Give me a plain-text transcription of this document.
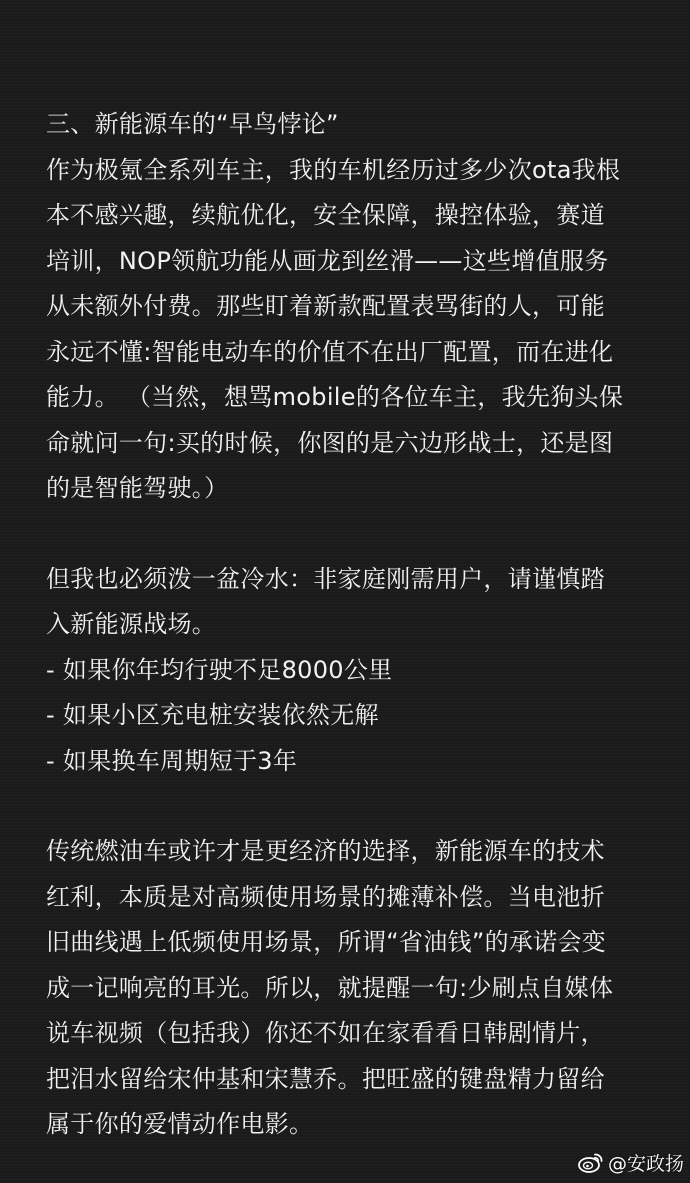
三、新能源车的“早鸟悖论”

作为极氪全系列车主，我的车机经历过多少次ota我根
本不感兴趣，续航优化，安全保障，操控体验，赛道
培训，NOP领航功能从画龙到丝滑——这些增值服务
从未额外付费。那些盯着新款配置表骂街的人，可能
永远不懂:智能电动车的价值不在出厂配置，而在进化
能力。 （当然，想骂mobile的各位车主，我先狗头保
命就问一句:买的时候，你图的是六边形战士，还是图
的是智能驾驶。）

但我也必须泼一盆冷水：非家庭刚需用户，请谨慎踏
入新能源战场。

- 如果你年均行驶不足8000公里

- 如果小区充电桩安装依然无解

- 如果换车周期短于3年

传统燃油车或许才是更经济的选择，新能源车的技术
红利，本质是对高频使用场景的摊薄补偿。当电池折
旧曲线遇上低频使用场景，所谓“省油钱”的承诺会变
成一记响亮的耳光。所以，就提醒一句:少刷点自媒体
说车视频（包括我）你还不如在家看看日韩剧情片，
把泪水留给宋仲基和宋慧乔。把旺盛的键盘精力留给
属于你的爱情动作电影。

@安政扬
